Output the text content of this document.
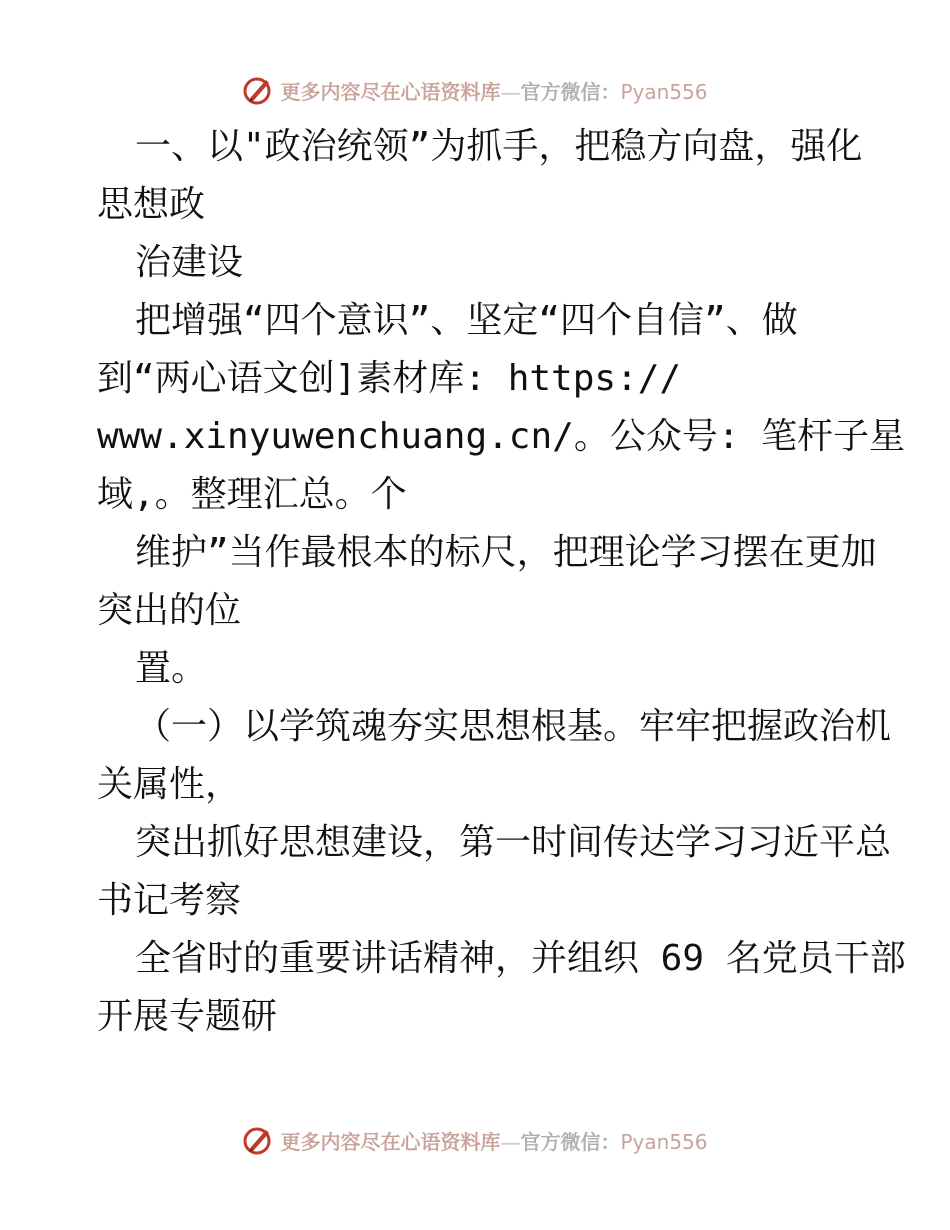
更多内容尽在心语资料库—官方微信：Pyan556
一、以"政治统领”为抓手，把稳方向盘，强化
思想政
治建设
把增强“四个意识”、坚定“四个自信”、做
到“两心语文创]素材库: https://
www.xinyuwenchuang.cn/。公众号: 笔杆子星
域,。整理汇总。个
维护”当作最根本的标尺，把理论学习摆在更加
突出的位
置。
（一）以学筑魂夯实思想根基。牢牢把握政治机
关属性，
突出抓好思想建设，第一时间传达学习习近平总
书记考察
全省时的重要讲话精神，并组织 69 名党员干部
开展专题研
更多内容尽在心语资料库—官方微信：Pyan556
